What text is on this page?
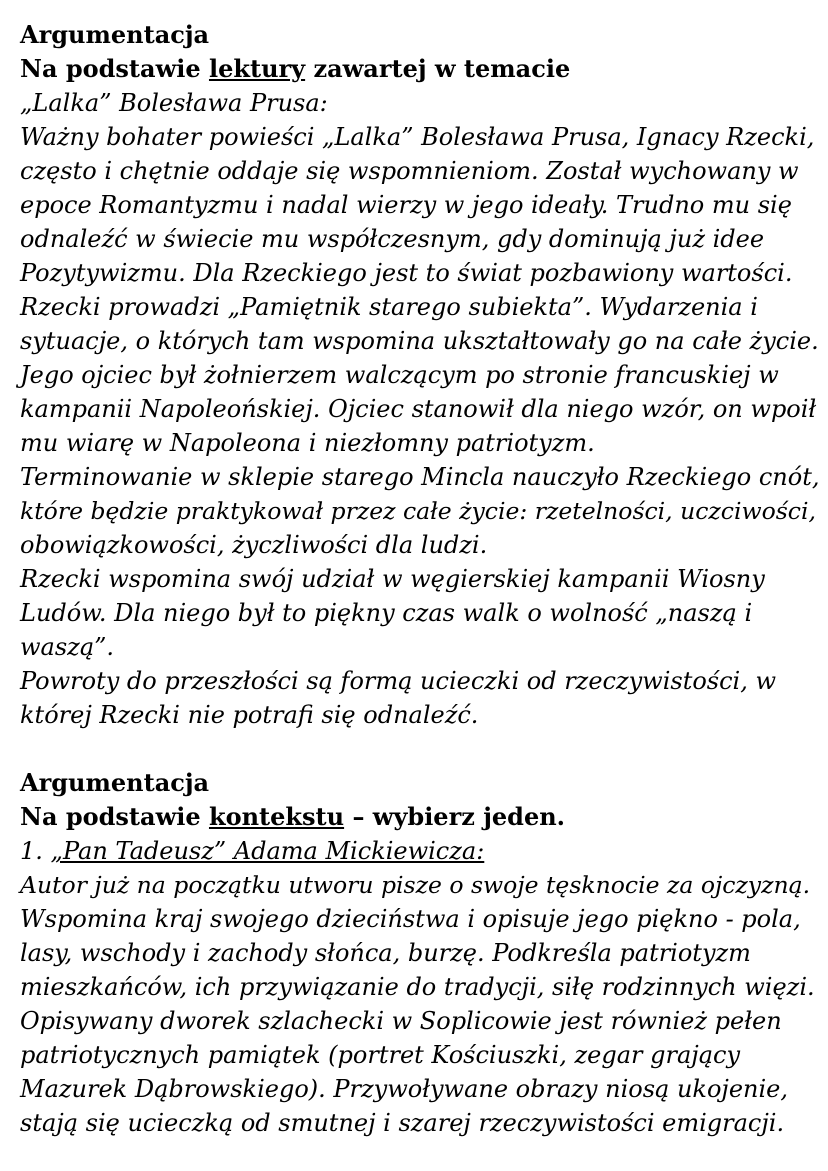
Argumentacja
Na podstawie lektury zawartej w temacie
„Lalka” Bolesława Prusa:
Ważny bohater powieści „Lalka” Bolesława Prusa, Ignacy Rzecki,
często i chętnie oddaje się wspomnieniom. Został wychowany w
epoce Romantyzmu i nadal wierzy w jego ideały. Trudno mu się
odnaleźć w świecie mu współczesnym, gdy dominują już idee
Pozytywizmu. Dla Rzeckiego jest to świat pozbawiony wartości.
Rzecki prowadzi „Pamiętnik starego subiekta”. Wydarzenia i
sytuacje, o których tam wspomina ukształtowały go na całe życie.
Jego ojciec był żołnierzem walczącym po stronie francuskiej w
kampanii Napoleońskiej. Ojciec stanowił dla niego wzór, on wpoił
mu wiarę w Napoleona i niezłomny patriotyzm.
Terminowanie w sklepie starego Mincla nauczyło Rzeckiego cnót,
które będzie praktykował przez całe życie: rzetelności, uczciwości,
obowiązkowości, życzliwości dla ludzi.
Rzecki wspomina swój udział w węgierskiej kampanii Wiosny
Ludów. Dla niego był to piękny czas walk o wolność „naszą i
waszą”.
Powroty do przeszłości są formą ucieczki od rzeczywistości, w
której Rzecki nie potrafi się odnaleźć.
Argumentacja
Na podstawie kontekstu – wybierz jeden.
1. „Pan Tadeusz” Adama Mickiewicza:
Autor już na początku utworu pisze o swoje tęsknocie za ojczyzną.
Wspomina kraj swojego dzieciństwa i opisuje jego piękno - pola,
lasy, wschody i zachody słońca, burzę. Podkreśla patriotyzm
mieszkańców, ich przywiązanie do tradycji, siłę rodzinnych więzi.
Opisywany dworek szlachecki w Soplicowie jest również pełen
patriotycznych pamiątek (portret Kościuszki, zegar grający
Mazurek Dąbrowskiego). Przywoływane obrazy niosą ukojenie,
stają się ucieczką od smutnej i szarej rzeczywistości emigracji.
